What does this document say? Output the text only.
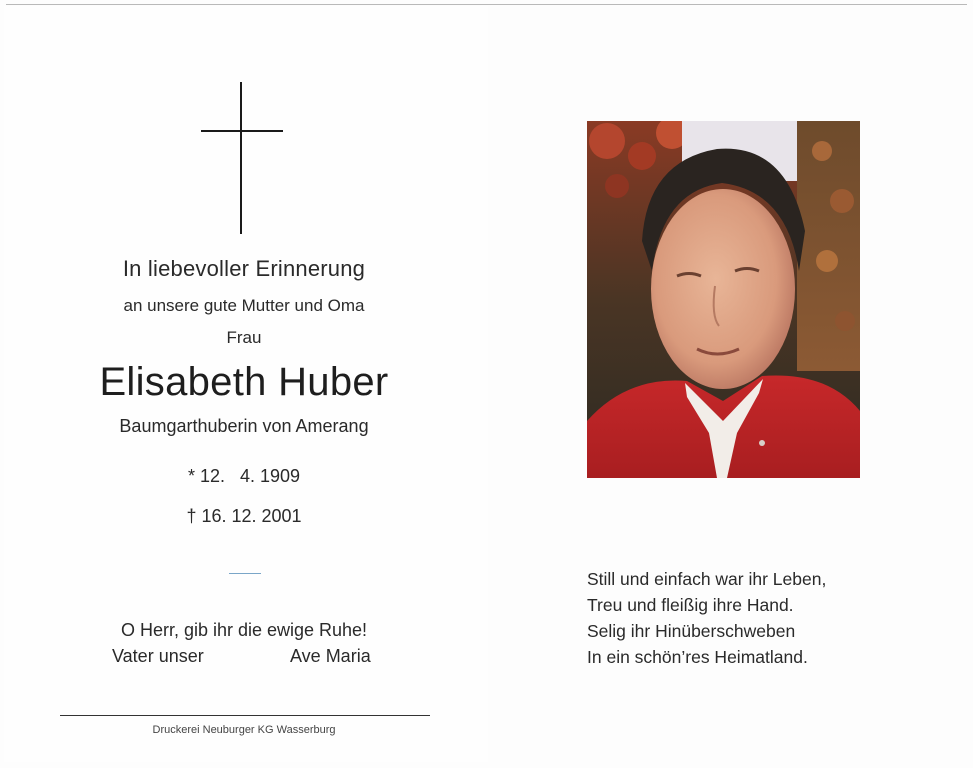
In liebevoller Erinnerung
an unsere gute Mutter und Oma
Frau
Elisabeth Huber
Baumgarthuberin von Amerang
* 12.   4. 1909
† 16. 12. 2001
O Herr, gib ihr die ewige Ruhe!
Vater unser	Ave Maria
Druckerei Neuburger KG Wasserburg
Still und einfach war ihr Leben,
Treu und fleißig ihre Hand.
Selig ihr Hinüberschweben
In ein schön’res Heimatland.
